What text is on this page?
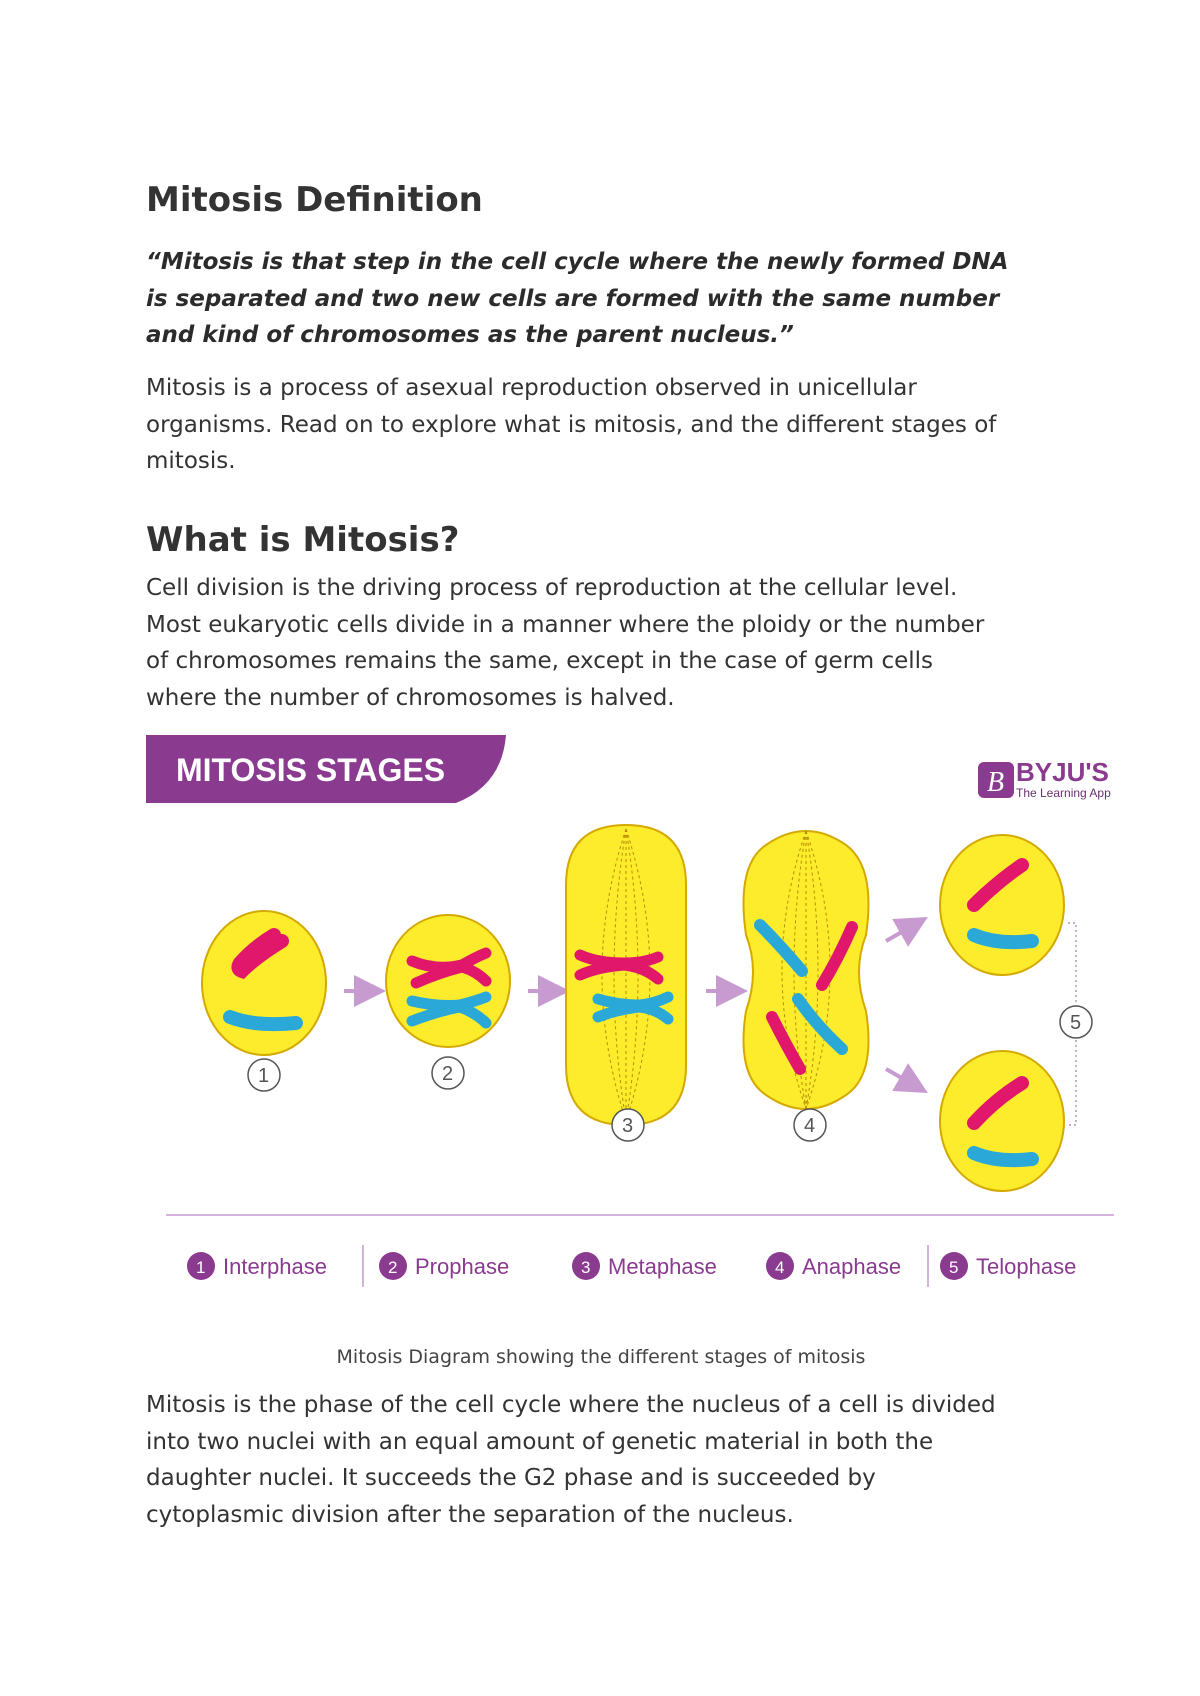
Mitosis Definition

“Mitosis is that step in the cell cycle where the newly formed DNA
is separated and two new cells are formed with the same number
and kind of chromosomes as the parent nucleus.”

Mitosis is a process of asexual reproduction observed in unicellular
organisms. Read on to explore what is mitosis, and the different stages of
mitosis.

What is Mitosis?

Cell division is the driving process of reproduction at the cellular level.
Most eukaryotic cells divide in a manner where the ploidy or the number
of chromosomes remains the same, except in the case of germ cells
where the number of chromosomes is halved.

MITOSIS STAGES	B BYJU'S
The Learning App
1	2
3	4
5
1 Interphase	2 Prophase	3 Metaphase	4 Anaphase	5 Telophase

Mitosis Diagram showing the different stages of mitosis

Mitosis is the phase of the cell cycle where the nucleus of a cell is divided
into two nuclei with an equal amount of genetic material in both the
daughter nuclei. It succeeds the G2 phase and is succeeded by
cytoplasmic division after the separation of the nucleus.
